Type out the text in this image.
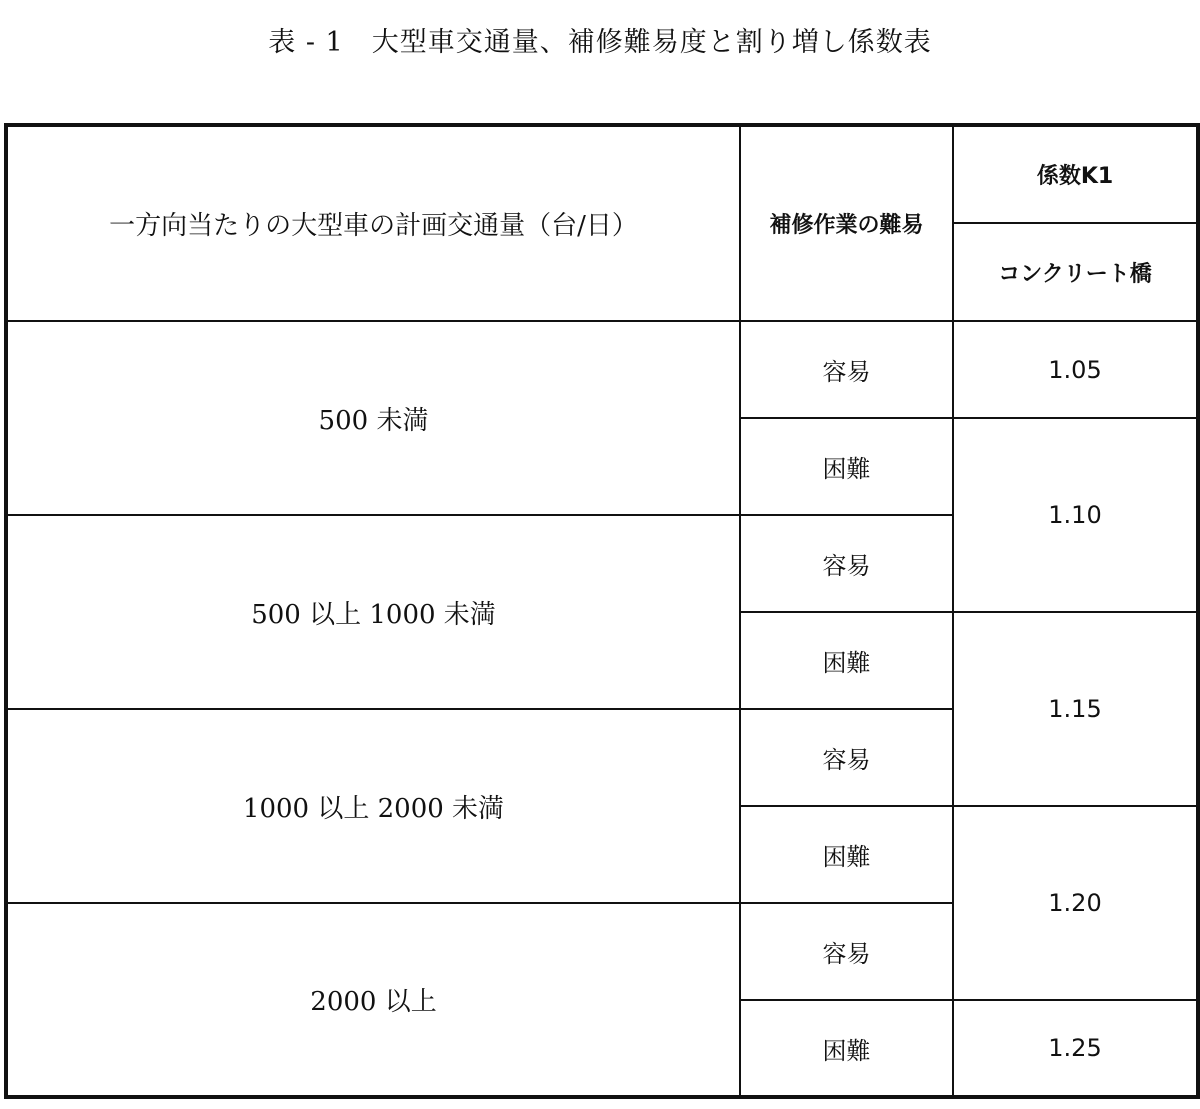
表 - 1　大型車交通量、補修難易度と割り増し係数表
一方向当たりの大型車の計画交通量（台/日）	補修作業の難易	係数K1
		コンクリート橋
500 未満	容易	1.05
	困難	1.10
500 以上 1000 未満	容易	
	困難	1.15
1000 以上 2000 未満	容易	
	困難	1.20
2000 以上	容易	
	困難	1.25
